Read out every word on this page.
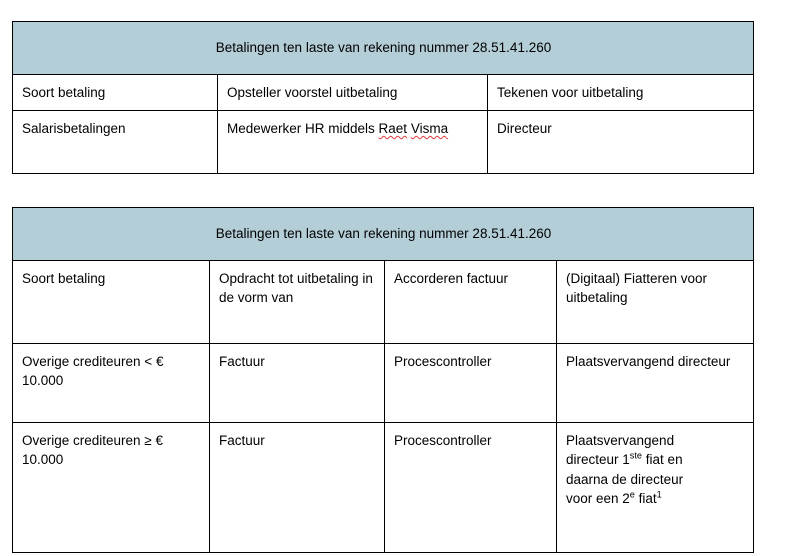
Betalingen ten laste van rekening nummer 28.51.41.260		
Soort betaling	Opsteller voorstel uitbetaling	Tekenen voor uitbetaling
Salarisbetalingen	Medewerker HR middels Raet Visma	Directeur
Betalingen ten laste van rekening nummer 28.51.41.260			
Soort betaling	Opdracht tot uitbetaling in de vorm van	Accorderen factuur	(Digitaal) Fiatteren voor uitbetaling
Overige crediteuren < € 10.000	Factuur	Procescontroller	Plaatsvervangend directeur
Overige crediteuren ≥ € 10.000	Factuur	Procescontroller	Plaatsvervangend
directeur 1ste fiat en
daarna de directeur
voor een 2e fiat$^1$
